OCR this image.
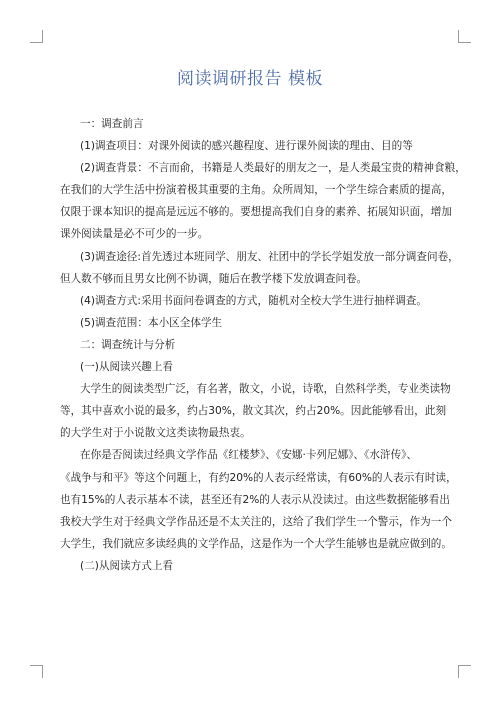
阅读调研报告 模板

一：调查前言

(1)调查项目：对课外阅读的感兴趣程度、进行课外阅读的理由、目的等

(2)调查背景：不言而俞，书籍是人类最好的朋友之一，是人类最宝贵的精神食粮，
在我们的大学生活中扮演着极其重要的主角。众所周知，一个学生综合素质的提高，
仅限于课本知识的提高是远远不够的。要想提高我们自身的素养、拓展知识面，增加
课外阅读量是必不可少的一步。

(3)调查途径:首先透过本班同学、朋友、社团中的学长学姐发放一部分调查问卷，
但人数不够而且男女比例不协调，随后在教学楼下发放调查问卷。

(4)调查方式:采用书面问卷调查的方式，随机对全校大学生进行抽样调查。

(5)调查范围：本小区全体学生

二：调查统计与分析

(一)从阅读兴趣上看

大学生的阅读类型广泛，有名著，散文，小说，诗歌，自然科学类，专业类读物
等，其中喜欢小说的最多，约占30%，散文其次，约占20%。因此能够看出，此刻
的大学生对于小说散文这类读物最热衷。

在你是否阅读过经典文学作品《红楼梦》、《安娜·卡列尼娜》、《水浒传》、
《战争与和平》等这个问题上，有约20%的人表示经常读，有60%的人表示有时读，
也有15%的人表示基本不读，甚至还有2%的人表示从没读过。由这些数据能够看出
我校大学生对于经典文学作品还是不太关注的，这给了我们学生一个警示，作为一个
大学生，我们就应多读经典的文学作品，这是作为一个大学生能够也是就应做到的。

(二)从阅读方式上看
